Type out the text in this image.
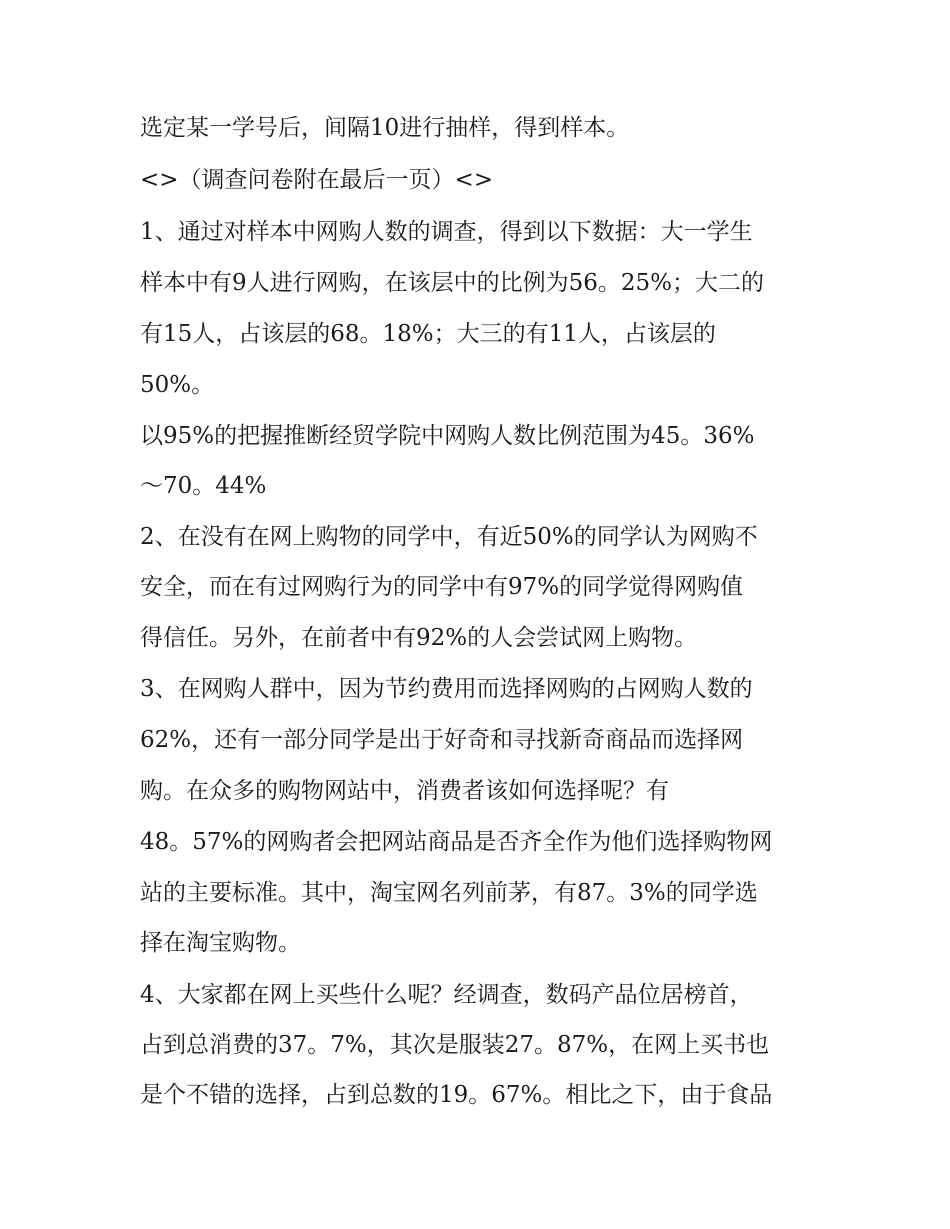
选定某一学号后，间隔10进行抽样，得到样本。
<>（调查问卷附在最后一页）<>
1、通过对样本中网购人数的调查，得到以下数据：大一学生
样本中有9人进行网购，在该层中的比例为56。25%；大二的
有15人，占该层的68。18%；大三的有11人，占该层的
50%。
以95%的把握推断经贸学院中网购人数比例范围为45。36%
～70。44%
2、在没有在网上购物的同学中，有近50%的同学认为网购不
安全，而在有过网购行为的同学中有97%的同学觉得网购值
得信任。另外，在前者中有92%的人会尝试网上购物。
3、在网购人群中，因为节约费用而选择网购的占网购人数的
62%，还有一部分同学是出于好奇和寻找新奇商品而选择网
购。在众多的购物网站中，消费者该如何选择呢？有
48。57%的网购者会把网站商品是否齐全作为他们选择购物网
站的主要标准。其中，淘宝网名列前茅，有87。3%的同学选
择在淘宝购物。
4、大家都在网上买些什么呢？经调查，数码产品位居榜首，
占到总消费的37。7%，其次是服装27。87%，在网上买书也
是个不错的选择，占到总数的19。67%。相比之下，由于食品
